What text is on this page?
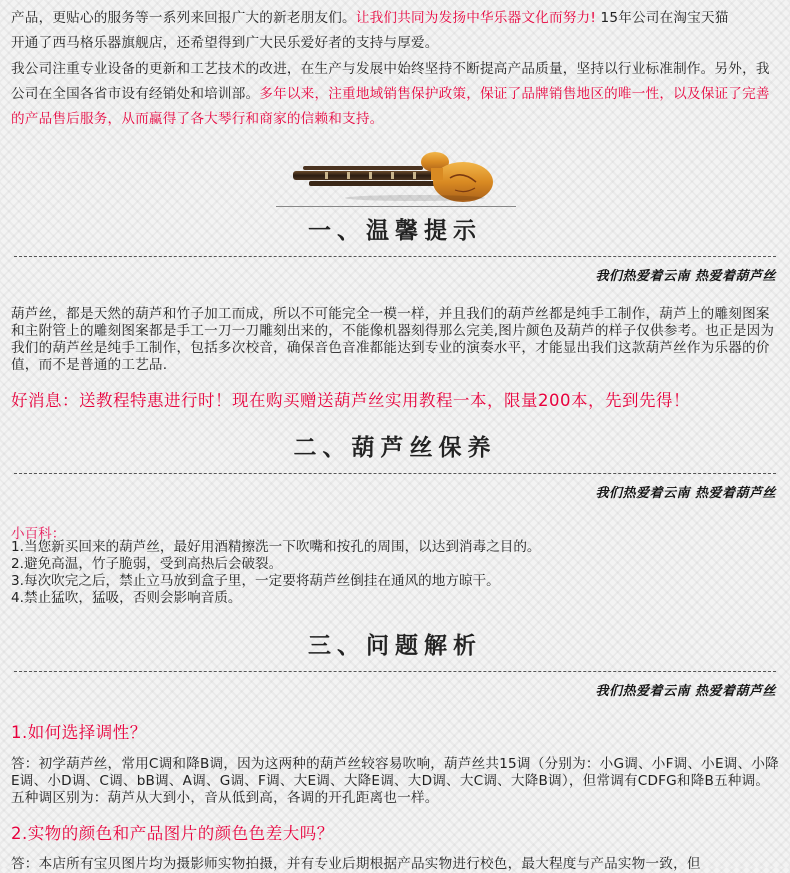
产品，更贴心的服务等一系列来回报广大的新老朋友们。让我们共同为发扬中华乐器文化而努力! 15年公司在淘宝天猫
开通了西马格乐器旗舰店，还希望得到广大民乐爱好者的支持与厚爱。

我公司注重专业设备的更新和工艺技术的改进，在生产与发展中始终坚持不断提高产品质量，坚持以行业标准制作。另外，我公司在全国各省市设有经销处和培训部。多年以来，注重地域销售保护政策，保证了品牌销售地区的唯一性，以及保证了完善的产品售后服务，从而赢得了各大琴行和商家的信赖和支持。

一、温馨提示
我们热爱着云南 热爱着葫芦丝

葫芦丝，都是天然的葫芦和竹子加工而成，所以不可能完全一模一样，并且我们的葫芦丝都是纯手工制作，葫芦上的雕刻图案和主附管上的雕刻图案都是手工一刀一刀雕刻出来的，不能像机器刻得那么完美,图片颜色及葫芦的样子仅供参考。也正是因为我们的葫芦丝是纯手工制作，包括多次校音，确保音色音准都能达到专业的演奏水平，才能显出我们这款葫芦丝作为乐器的价值，而不是普通的工艺品.

好消息：送教程特惠进行时！现在购买赠送葫芦丝实用教程一本，限量200本，先到先得！
二、葫芦丝保养
我们热爱着云南 热爱着葫芦丝
小百科：
1.当您新买回来的葫芦丝，最好用酒精擦洗一下吹嘴和按孔的周围，以达到消毒之目的。
2.避免高温，竹子脆弱，受到高热后会破裂。
3.每次吹完之后，禁止立马放到盒子里，一定要将葫芦丝倒挂在通风的地方晾干。
4.禁止猛吹，猛吸，否则会影响音质。
三、问题解析
我们热爱着云南 热爱着葫芦丝
1.如何选择调性？

答：初学葫芦丝，常用C调和降B调，因为这两种的葫芦丝较容易吹响，葫芦丝共15调（分别为：小G调、小F调、小E调、小降E调、小D调、C调、bB调、A调、G调、F调、大E调、大降E调、大D调、大C调、大降B调），但常调有CDFG和降B五种调。五种调区别为：葫芦从大到小，音从低到高，各调的开孔距离也一样。

2.实物的颜色和产品图片的颜色色差大吗？

答：本店所有宝贝图片均为摄影师实物拍摄，并有专业后期根据产品实物进行校色，最大程度与产品实物一致，但
